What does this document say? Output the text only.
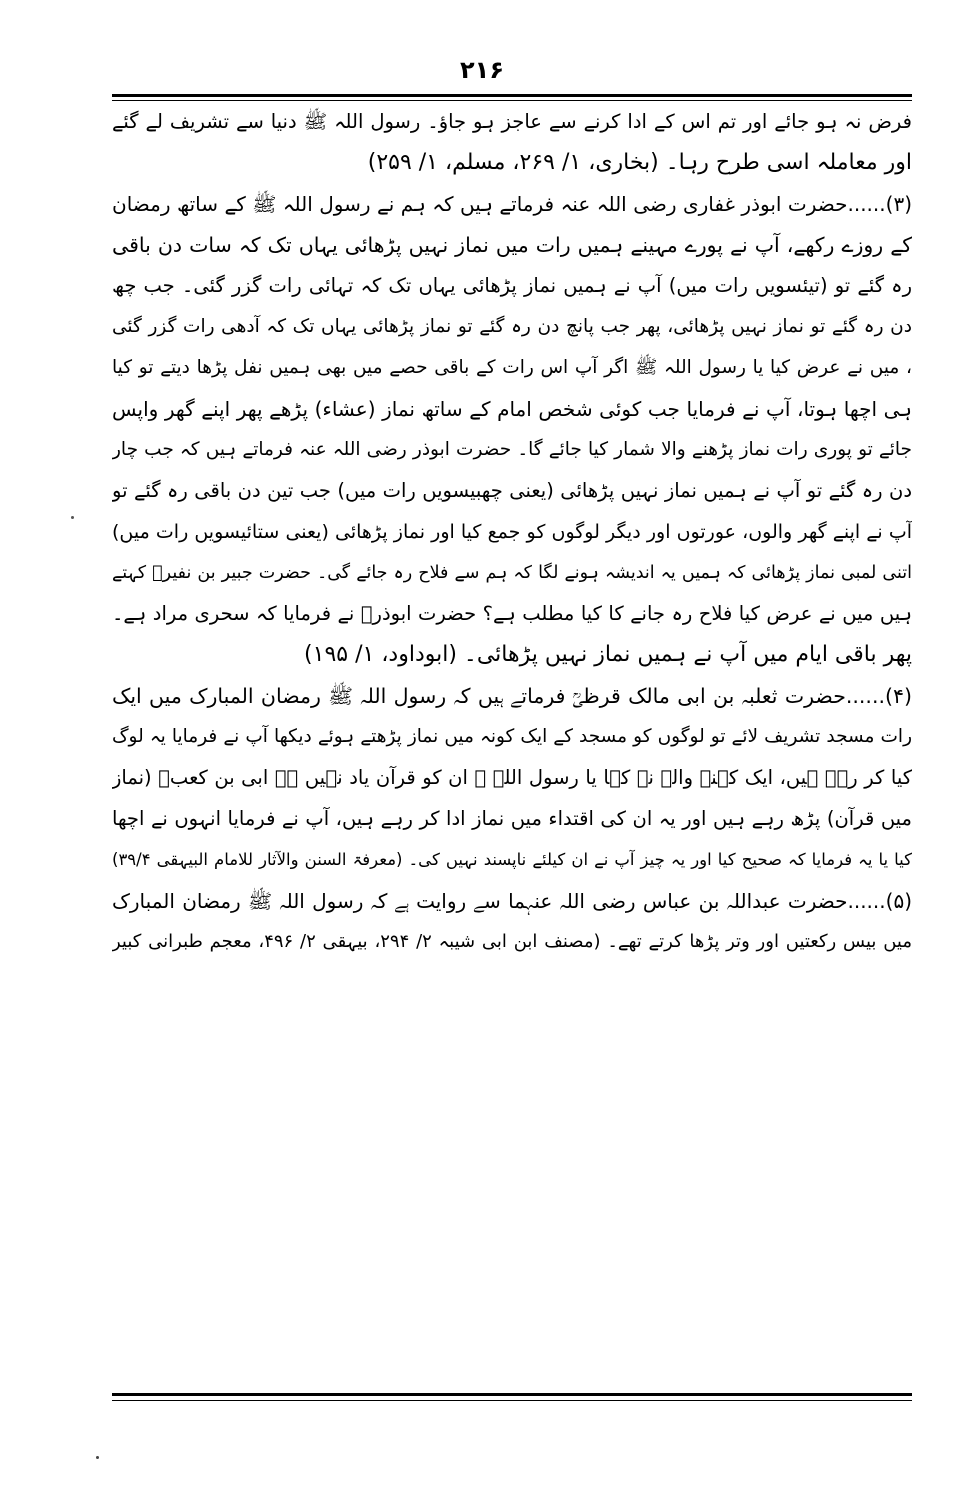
۲۱۶

فرض نہ ہو جائے اور تم اس کے ادا کرنے سے عاجز ہو جاؤ۔ رسول اللہ ﷺ دنیا سے تشریف لے گئے

اور معاملہ اسی طرح رہا۔ (بخاری، ۱/ ۲۶۹، مسلم، ۱/ ۲۵۹)

(۳)......حضرت ابوذر غفاری رضی اللہ عنہ فرماتے ہیں کہ ہم نے رسول اللہ ﷺ کے ساتھ رمضان

کے روزے رکھے، آپ نے پورے مہینے ہمیں رات میں نماز نہیں پڑھائی یہاں تک کہ سات دن باقی

رہ گئے تو (تیئسویں رات میں) آپ نے ہمیں نماز پڑھائی یہاں تک کہ تہائی رات گزر گئی۔ جب چھ

دن رہ گئے تو نماز نہیں پڑھائی، پھر جب پانچ دن رہ گئے تو نماز پڑھائی یہاں تک کہ آدھی رات گزر گئی

، میں نے عرض کیا یا رسول اللہ ﷺ اگر آپ اس رات کے باقی حصے میں بھی ہمیں نفل پڑھا دیتے تو کیا

ہی اچھا ہوتا، آپ نے فرمایا جب کوئی شخص امام کے ساتھ نماز (عشاء) پڑھے پھر اپنے گھر واپس

جائے تو پوری رات نماز پڑھنے والا شمار کیا جائے گا۔ حضرت ابوذر رضی اللہ عنہ فرماتے ہیں کہ جب چار

دن رہ گئے تو آپ نے ہمیں نماز نہیں پڑھائی (یعنی چھبیسویں رات میں) جب تین دن باقی رہ گئے تو

آپ نے اپنے گھر والوں، عورتوں اور دیگر لوگوں کو جمع کیا اور نماز پڑھائی (یعنی ستائیسویں رات میں)

اتنی لمبی نماز پڑھائی کہ ہمیں یہ اندیشہ ہونے لگا کہ ہم سے فلاح رہ جائے گی۔ حضرت جبیر بن نفیرؒ کہتے

ہیں میں نے عرض کیا فلاح رہ جانے کا کیا مطلب ہے؟ حضرت ابوذرؓ نے فرمایا کہ سحری مراد ہے۔

پھر باقی ایام میں آپ نے ہمیں نماز نہیں پڑھائی۔ (ابوداود، ۱/ ۱۹۵)

(۴)......حضرت ثعلبہ بن ابی مالک قرظیؒ فرماتے ہیں کہ رسول اللہ ﷺ رمضان المبارک میں ایک

رات مسجد تشریف لائے تو لوگوں کو مسجد کے ایک کونہ میں نماز پڑھتے ہوئے دیکھا آپ نے فرمایا یہ لوگ

کیا کر رہے ہیں، ایک کہنے والے نے کہا یا رسول اللہ ﷺ ان کو قرآن یاد نہیں ہے ابی بن کعبؓ (نماز

میں قرآن) پڑھ رہے ہیں اور یہ ان کی اقتداء میں نماز ادا کر رہے ہیں، آپ نے فرمایا انہوں نے اچھا

کیا یا یہ فرمایا کہ صحیح کیا اور یہ چیز آپ نے ان کیلئے ناپسند نہیں کی۔ (معرفۃ السنن والآثار للامام البیہقی ۳۹/۴)

(۵)......حضرت عبداللہ بن عباس رضی اللہ عنہما سے روایت ہے کہ رسول اللہ ﷺ رمضان المبارک

میں بیس رکعتیں اور وتر پڑھا کرتے تھے۔ (مصنف ابن ابی شیبہ ۲/ ۲۹۴، بیہقی ۲/ ۴۹۶، معجم طبرانی کبیر
